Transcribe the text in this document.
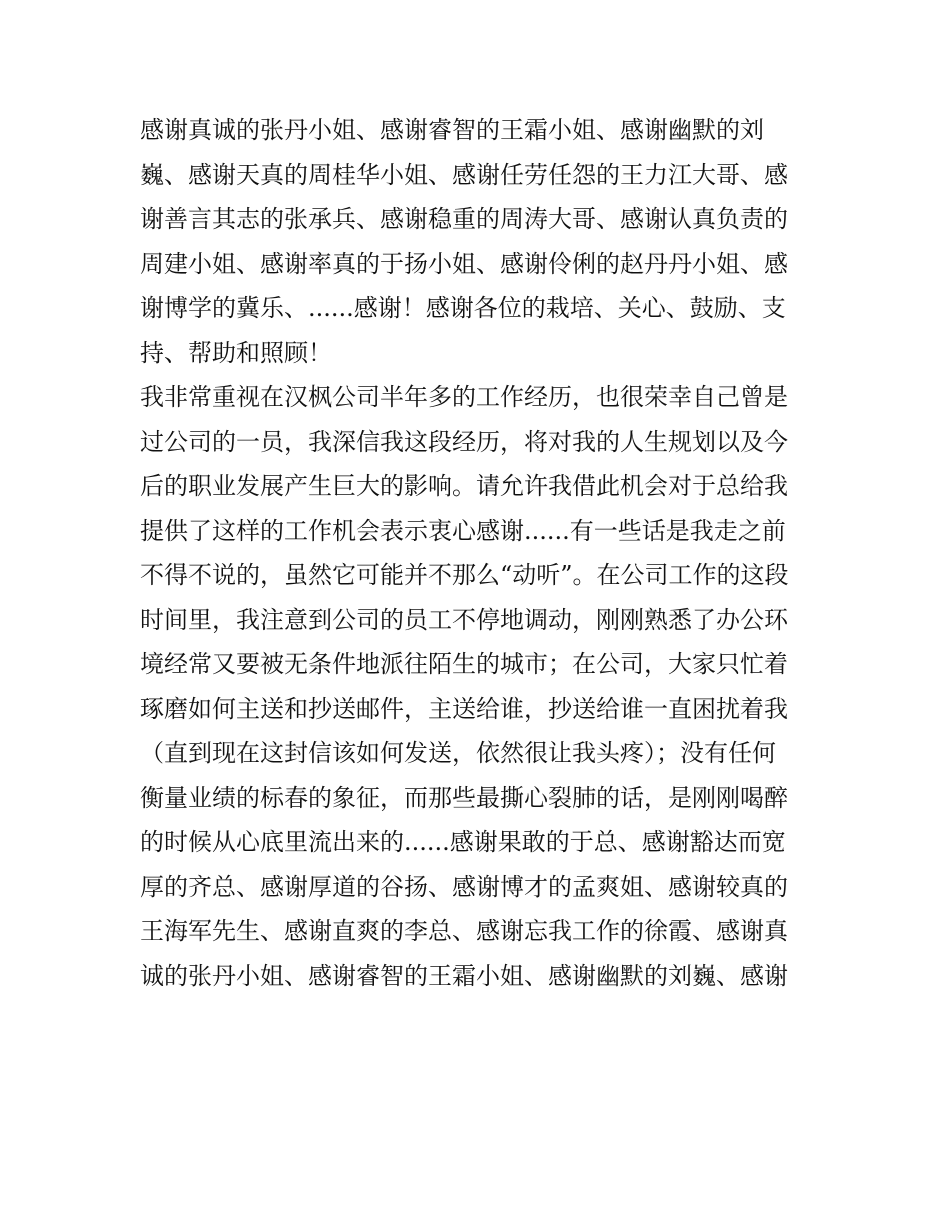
感谢真诚的张丹小姐、感谢睿智的王霜小姐、感谢幽默的刘
巍、感谢天真的周桂华小姐、感谢任劳任怨的王力江大哥、感
谢善言其志的张承兵、感谢稳重的周涛大哥、感谢认真负责的
周建小姐、感谢率真的于扬小姐、感谢伶俐的赵丹丹小姐、感
谢博学的冀乐、......感谢！感谢各位的栽培、关心、鼓励、支
持、帮助和照顾！
我非常重视在汉枫公司半年多的工作经历，也很荣幸自己曾是
过公司的一员，我深信我这段经历，将对我的人生规划以及今
后的职业发展产生巨大的影响。请允许我借此机会对于总给我
提供了这样的工作机会表示衷心感谢......有一些话是我走之前
不得不说的，虽然它可能并不那么“动听”。在公司工作的这段
时间里，我注意到公司的员工不停地调动，刚刚熟悉了办公环
境经常又要被无条件地派往陌生的城市；在公司，大家只忙着
琢磨如何主送和抄送邮件，主送给谁，抄送给谁一直困扰着我
（直到现在这封信该如何发送，依然很让我头疼）；没有任何
衡量业绩的标春的象征，而那些最撕心裂肺的话，是刚刚喝醉
的时候从心底里流出来的......感谢果敢的于总、感谢豁达而宽
厚的齐总、感谢厚道的谷扬、感谢博才的孟爽姐、感谢较真的
王海军先生、感谢直爽的李总、感谢忘我工作的徐霞、感谢真
诚的张丹小姐、感谢睿智的王霜小姐、感谢幽默的刘巍、感谢
